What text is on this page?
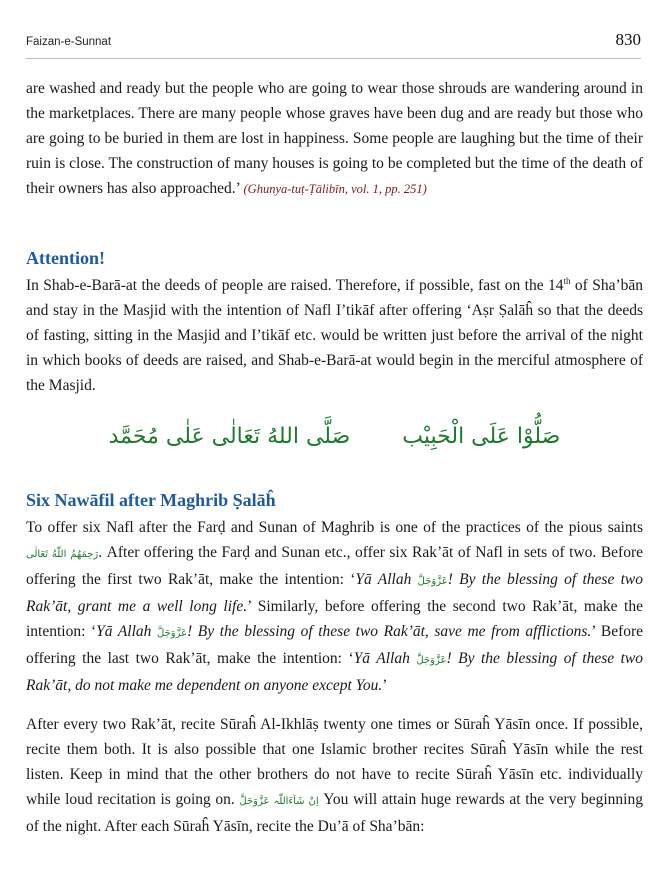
Faizan-e-Sunnat	830

are washed and ready but the people who are going to wear those shrouds are wandering around in the marketplaces. There are many people whose graves have been dug and are ready but those who are going to be buried in them are lost in happiness. Some people are laughing but the time of their ruin is close. The construction of many houses is going to be completed but the time of the death of their owners has also approached.’ (Ghunya-tuṭ-Ṭālibīn, vol. 1, pp. 251)

Attention!

In Shab-e-Barā-at the deeds of people are raised. Therefore, if possible, fast on the 14th of Sha’bān and stay in the Masjid with the intention of Nafl I’tikāf after offering ‘Aṣr Ṣalāĥ so that the deeds of fasting, sitting in the Masjid and I’tikāf etc. would be written just before the arrival of the night in which books of deeds are raised, and Shab-e-Barā-at would begin in the merciful atmosphere of the Masjid.

صَلَّى اللهُ تَعَالٰى عَلٰى مُحَمَّد صَلُّوْا عَلَی الْحَبِیْب
Six Nawāfil after Maghrib Ṣalāĥ

To offer six Nafl after the Farḍ and Sunan of Maghrib is one of the practices of the pious saints رَحِمَهُمُ اللّٰهُ تَعَالٰی. After offering the Farḍ and Sunan etc., offer six Rak’āt of Nafl in sets of two. Before offering the first two Rak’āt, make the intention: ‘Yā Allah عَزَّوَجَلَّ! By the blessing of these two Rak’āt, grant me a well long life.’ Similarly, before offering the second two Rak’āt, make the intention: ‘Yā Allah عَزَّوَجَلَّ! By the blessing of these two Rak’āt, save me from afflictions.’ Before offering the last two Rak’āt, make the intention: ‘Yā Allah عَزَّوَجَلَّ! By the blessing of these two Rak’āt, do not make me dependent on anyone except You.’

After every two Rak’āt, recite Sūraĥ Al-Ikhlāṣ twenty one times or Sūraĥ Yāsīn once. If possible, recite them both. It is also possible that one Islamic brother recites Sūraĥ Yāsīn while the rest listen. Keep in mind that the other brothers do not have to recite Sūraĥ Yāsīn etc. individually while loud recitation is going on. اِنْ شَآءَاللّٰہ عَزَّوَجَلَّ You will attain huge rewards at the very beginning of the night. After each Sūraĥ Yāsīn, recite the Du’ā of Sha’bān:
